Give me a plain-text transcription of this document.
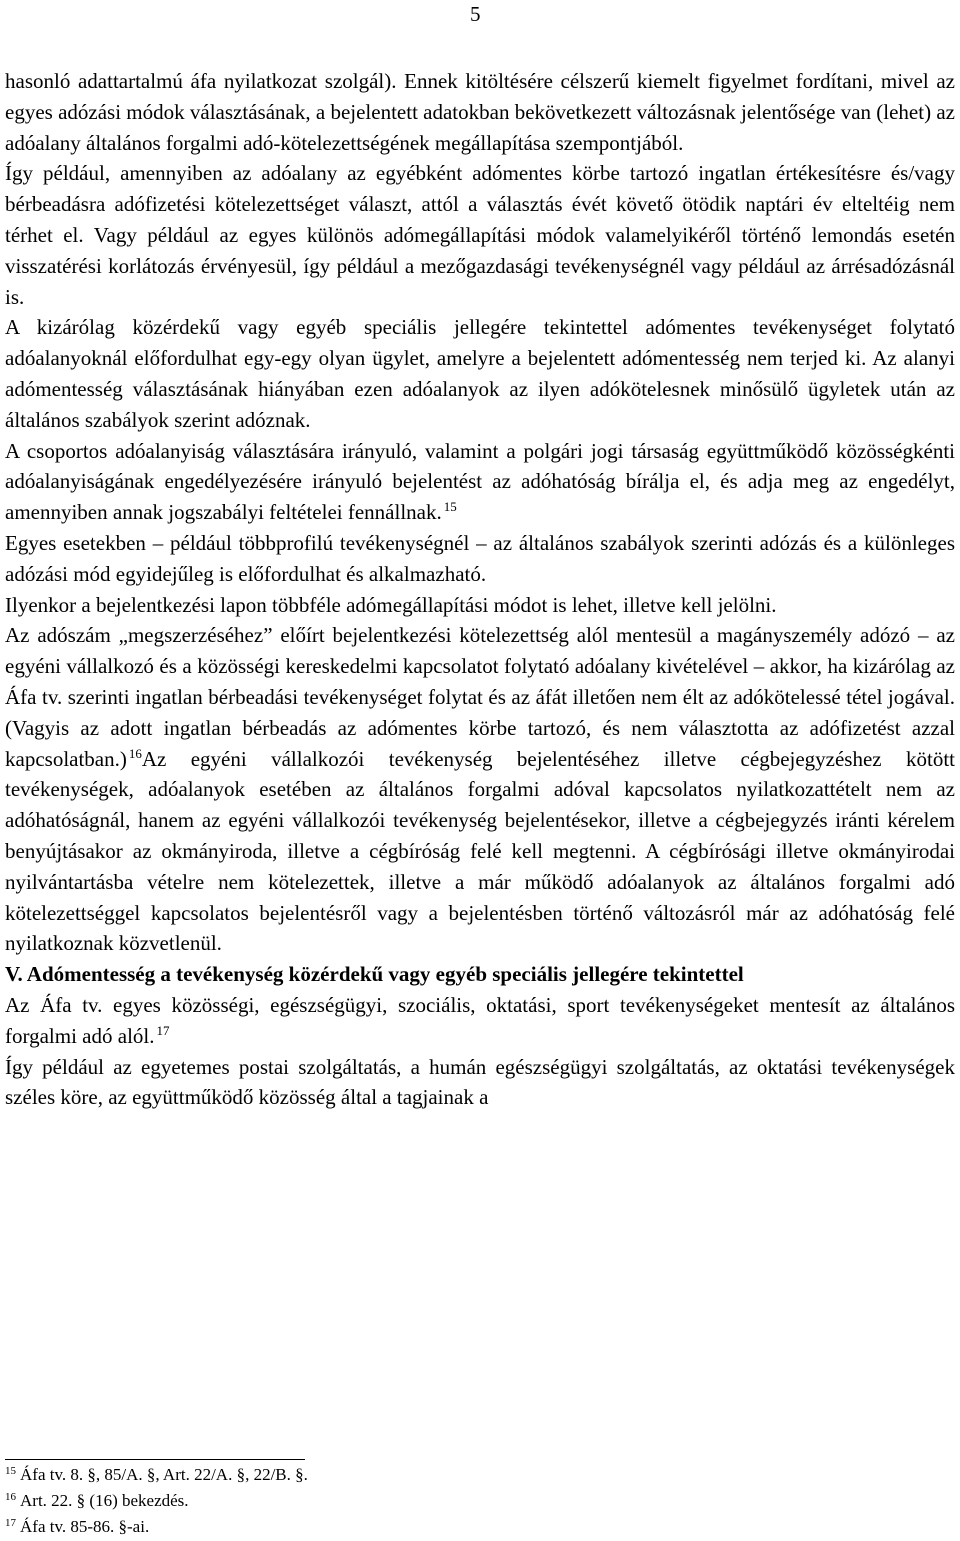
5

hasonló adattartalmú áfa nyilatkozat szolgál). Ennek kitöltésére célszerű kiemelt figyelmet fordítani, mivel az egyes adózási módok választásának, a bejelentett adatokban bekövetkezett változásnak jelentősége van (lehet) az adóalany általános forgalmi adó-kötelezettségének megállapítása szempontjából.

Így például, amennyiben az adóalany az egyébként adómentes körbe tartozó ingatlan értékesítésre és/vagy bérbeadásra adófizetési kötelezettséget választ, attól a választás évét követő ötödik naptári év elteltéig nem térhet el. Vagy például az egyes különös adómegállapítási módok valamelyikéről történő lemondás esetén visszatérési korlátozás érvényesül, így például a mezőgazdasági tevékenységnél vagy például az árrésadózásnál is.

A kizárólag közérdekű vagy egyéb speciális jellegére tekintettel adómentes tevékenységet folytató adóalanyoknál előfordulhat egy-egy olyan ügylet, amelyre a bejelentett adómentesség nem terjed ki. Az alanyi adómentesség választásának hiányában ezen adóalanyok az ilyen adókötelesnek minősülő ügyletek után az általános szabályok szerint adóznak.

A csoportos adóalanyiság választására irányuló, valamint a polgári jogi társaság együttműködő közösségkénti adóalanyiságának engedélyezésére irányuló bejelentést az adóhatóság bírálja el, és adja meg az engedélyt, amennyiben annak jogszabályi feltételei fennállnak. $^{15}$

Egyes esetekben – például többprofilú tevékenységnél – az általános szabályok szerinti adózás és a különleges adózási mód egyidejűleg is előfordulhat és alkalmazható.

Ilyenkor a bejelentkezési lapon többféle adómegállapítási módot is lehet, illetve kell jelölni.

Az adószám „megszerzéséhez” előírt bejelentkezési kötelezettség alól mentesül a magányszemély adózó – az egyéni vállalkozó és a közösségi kereskedelmi kapcsolatot folytató adóalany kivételével – akkor, ha kizárólag az Áfa tv. szerinti ingatlan bérbeadási tevékenységet folytat és az áfát illetően nem élt az adókötelessé tétel jogával. (Vagyis az adott ingatlan bérbeadás az adómentes körbe tartozó, és nem választotta az adófizetést azzal kapcsolatban.) $^{16}$Az egyéni vállalkozói tevékenység bejelentéséhez illetve cégbejegyzéshez kötött tevékenységek, adóalanyok esetében az általános forgalmi adóval kapcsolatos nyilatkozattételt nem az adóhatóságnál, hanem az egyéni vállalkozói tevékenység bejelentésekor, illetve a cégbejegyzés iránti kérelem benyújtásakor az okmányiroda, illetve a cégbíróság felé kell megtenni. A cégbírósági illetve okmányirodai nyilvántartásba vételre nem kötelezettek, illetve a már működő adóalanyok az általános forgalmi adó kötelezettséggel kapcsolatos bejelentésről vagy a bejelentésben történő változásról már az adóhatóság felé nyilatkoznak közvetlenül.

V. Adómentesség a tevékenység közérdekű vagy egyéb speciális jellegére tekintettel

Az Áfa tv. egyes közösségi, egészségügyi, szociális, oktatási, sport tevékenységeket mentesít az általános forgalmi adó alól. $^{17}$

Így például az egyetemes postai szolgáltatás, a humán egészségügyi szolgáltatás, az oktatási tevékenységek széles köre, az együttműködő közösség által a tagjainak a

$^{15}$ Áfa tv. 8. §, 85/A. §, Art. 22/A. §, 22/B. §.
$^{16}$ Art. 22. § (16) bekezdés.
$^{17}$ Áfa tv. 85-86. §-ai.
